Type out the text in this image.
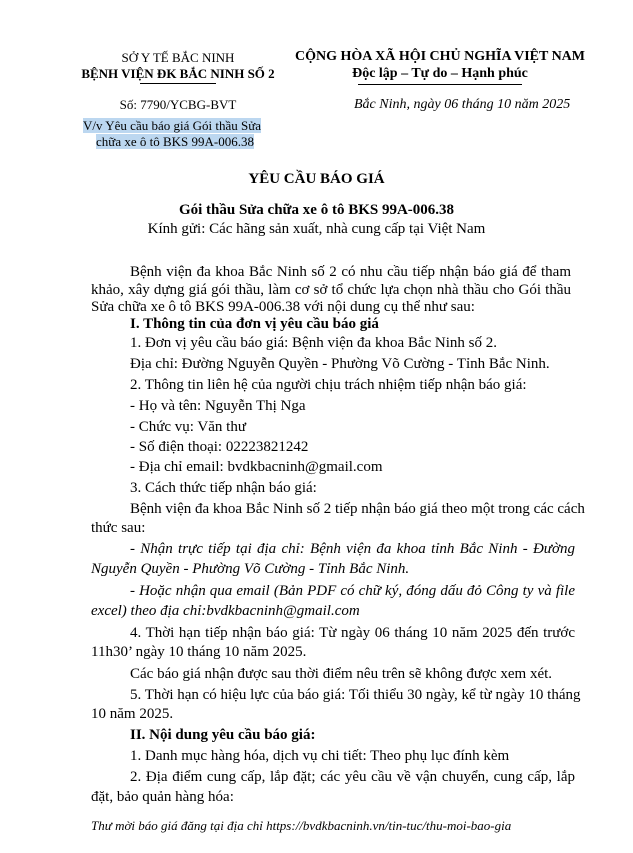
SỞ Y TẾ BẮC NINH
BỆNH VIỆN ĐK BẮC NINH SỐ 2
CỘNG HÒA XÃ HỘI CHỦ NGHĨA VIỆT NAM
Độc lập – Tự do – Hạnh phúc
Số: 7790/YCBG-BVT	Bắc Ninh, ngày 06 tháng 10 năm 2025
V/v Yêu cầu báo giá Gói thầu Sửa
chữa xe ô tô BKS 99A-006.38
YÊU CẦU BÁO GIÁ
Gói thầu Sửa chữa xe ô tô BKS 99A-006.38
Kính gửi: Các hãng sản xuất, nhà cung cấp tại Việt Nam
Bệnh viện đa khoa Bắc Ninh số 2 có nhu cầu tiếp nhận báo giá để tham
khảo, xây dựng giá gói thầu, làm cơ sở tổ chức lựa chọn nhà thầu cho Gói thầu
Sửa chữa xe ô tô BKS 99A-006.38 với nội dung cụ thể như sau:
I. Thông tin của đơn vị yêu cầu báo giá
1. Đơn vị yêu cầu báo giá: Bệnh viện đa khoa Bắc Ninh số 2.
Địa chỉ: Đường Nguyễn Quyền - Phường Võ Cường - Tỉnh Bắc Ninh.
2. Thông tin liên hệ của người chịu trách nhiệm tiếp nhận báo giá:
- Họ và tên: Nguyễn Thị Nga
- Chức vụ: Văn thư
- Số điện thoại: 02223821242
- Địa chỉ email: bvdkbacninh@gmail.com
3. Cách thức tiếp nhận báo giá:
Bệnh viện đa khoa Bắc Ninh số 2 tiếp nhận báo giá theo một trong các cách
thức sau:
- Nhận trực tiếp tại địa chỉ: Bệnh viện đa khoa tỉnh Bắc Ninh - Đường
Nguyễn Quyền - Phường Võ Cường - Tỉnh Bắc Ninh.
- Hoặc nhận qua email (Bản PDF có chữ ký, đóng dấu đỏ Công ty và file
excel) theo địa chỉ:bvdkbacninh@gmail.com
4. Thời hạn tiếp nhận báo giá: Từ ngày 06 tháng 10 năm 2025 đến trước
11h30’ ngày 10 tháng 10 năm 2025.
Các báo giá nhận được sau thời điểm nêu trên sẽ không được xem xét.
5. Thời hạn có hiệu lực của báo giá: Tối thiểu 30 ngày, kể từ ngày 10 tháng
10 năm 2025.
II. Nội dung yêu cầu báo giá:
1. Danh mục hàng hóa, dịch vụ chi tiết: Theo phụ lục đính kèm
2. Địa điểm cung cấp, lắp đặt; các yêu cầu về vận chuyển, cung cấp, lắp
đặt, bảo quản hàng hóa:
Thư mời báo giá đăng tại địa chỉ https://bvdkbacninh.vn/tin-tuc/thu-moi-bao-gia
